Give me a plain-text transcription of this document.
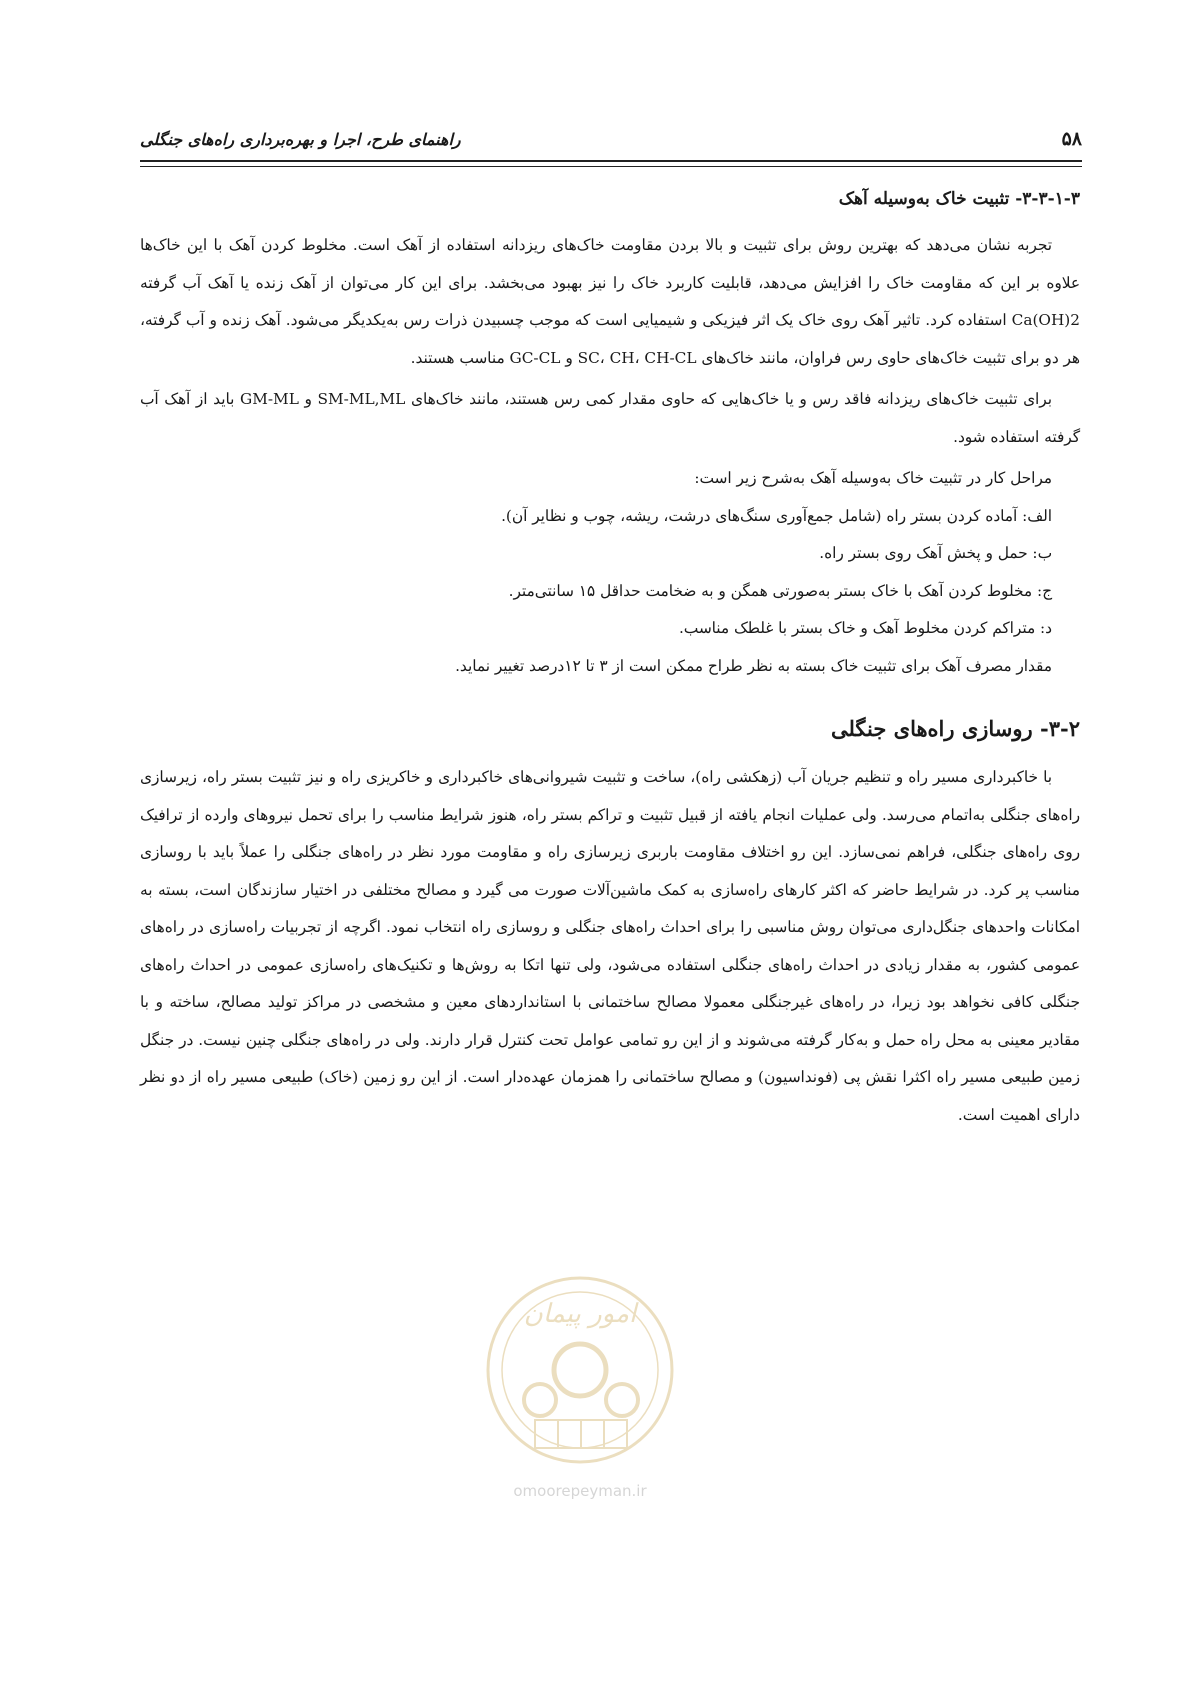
۵۸
راهنمای طرح، اجرا و بهره‌برداری راه‌های جنگلی
۳-۳-۱-۳- تثبیت خاک به‌وسیله آهک

تجربه نشان می‌دهد که بهترین روش برای تثبیت و بالا بردن مقاومت خاک‌های ریزدانه استفاده از آهک است. مخلوط کردن آهک با این خاک‌ها علاوه بر این که مقاومت خاک را افزایش می‌دهد، قابلیت کاربرد خاک را نیز بهبود می‌بخشد. برای این کار می‌توان از آهک زنده یا آهک آب گرفته Ca(OH)2 استفاده کرد. تاثیر آهک روی خاک یک اثر فیزیکی و شیمیایی است که موجب چسبیدن ذرات رس به‌یکدیگر می‌شود. آهک زنده و آب گرفته، هر دو برای تثبیت خاک‌های حاوی رس فراوان، مانند خاک‌های SC، CH، CH-CL و GC-CL مناسب هستند.

برای تثبیت خاک‌های ریزدانه فاقد رس و یا خاک‌هایی که حاوی مقدار کمی رس هستند، مانند خاک‌های SM-ML,ML و GM-ML باید از آهک آب گرفته استفاده شود.

مراحل کار در تثبیت خاک به‌وسیله آهک به‌شرح زیر است:

الف: آماده کردن بستر راه (شامل جمع‌آوری سنگ‌های درشت، ریشه، چوب و نظایر آن).

ب: حمل و پخش آهک روی بستر راه.

ج: مخلوط کردن آهک با خاک بستر به‌صورتی همگن و به ضخامت حداقل ۱۵ سانتی‌متر.

د: متراکم کردن مخلوط آهک و خاک بستر با غلطک مناسب.

مقدار مصرف آهک برای تثبیت خاک بسته به نظر طراح ممکن است از ۳ تا ۱۲درصد تغییر نماید.

۳-۲- روسازی راه‌های جنگلی

با خاکبرداری مسیر راه و تنظیم جریان آب (زهکشی راه)، ساخت و تثبیت شیروانی‌های خاکبرداری و خاکریزی راه و نیز تثبیت بستر راه، زیرسازی راه‌های جنگلی به‌اتمام می‌رسد. ولی عملیات انجام یافته از قبیل تثبیت و تراکم بستر راه، هنوز شرایط مناسب را برای تحمل نیروهای وارده از ترافیک روی راه‌های جنگلی، فراهم نمی‌سازد. این رو اختلاف مقاومت باربری زیرسازی راه و مقاومت مورد نظر در راه‌های جنگلی را عملاً باید با روسازی مناسب پر کرد. در شرایط حاضر که اکثر کارهای راه‌سازی به کمک ماشین‌آلات صورت می گیرد و مصالح مختلفی در اختیار سازندگان است، بسته به امکانات واحدهای جنگل‌داری می‌توان روش مناسبی را برای احداث راه‌های جنگلی و روسازی راه انتخاب نمود. اگرچه از تجربیات راه‌سازی در راه‌های عمومی کشور، به مقدار زیادی در احداث راه‌های جنگلی استفاده می‌شود، ولی تنها اتکا به روش‌ها و تکنیک‌های راه‌سازی عمومی در احداث راه‌های جنگلی کافی نخواهد بود زیرا، در راه‌های غیرجنگلی معمولا مصالح ساختمانی با استانداردهای معین و مشخصی در مراکز تولید مصالح، ساخته و با مقادیر معینی به محل راه حمل و به‌کار گرفته می‌شوند و از این رو تمامی عوامل تحت کنترل قرار دارند. ولی در راه‌های جنگلی چنین نیست. در جنگل زمین طبیعی مسیر راه اکثرا نقش پی (فونداسیون) و مصالح ساختمانی را همزمان عهده‌دار است. از این رو زمین (خاک) طبیعی مسیر راه از دو نظر دارای اهمیت است.

امور پیمان
omoorepeyman.ir
